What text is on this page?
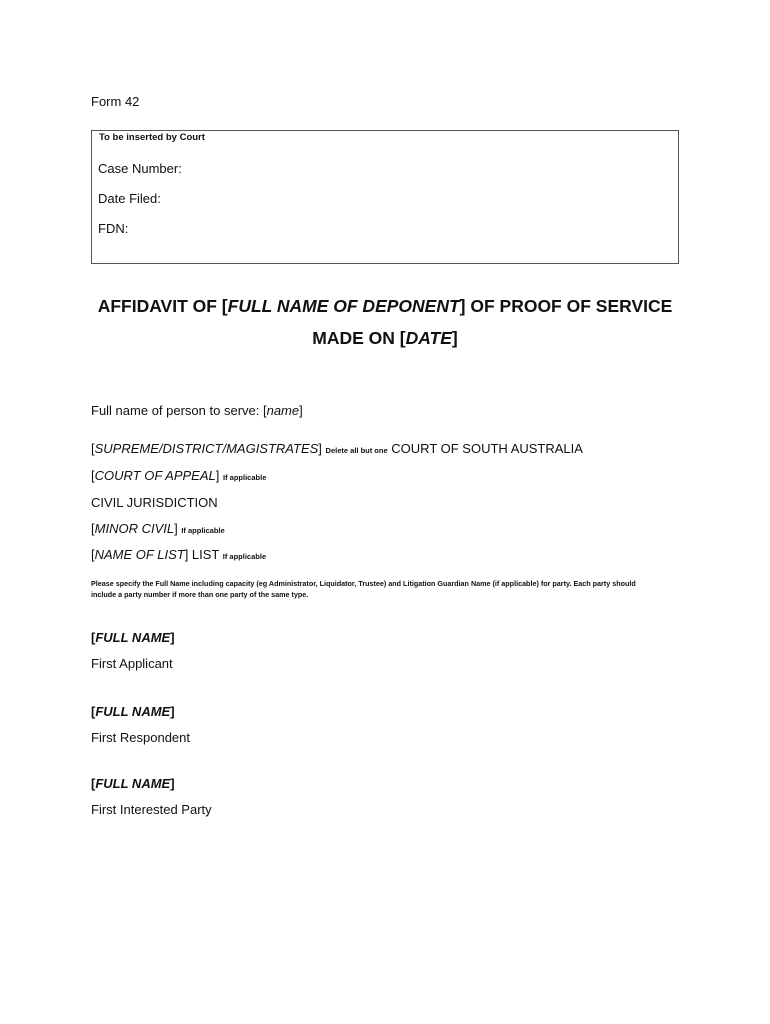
Form 42
To be inserted by Court
Case Number:
Date Filed:
FDN:
AFFIDAVIT OF [FULL NAME OF DEPONENT] OF PROOF OF SERVICE
MADE ON [DATE]
Full name of person to serve: [name]
[SUPREME/DISTRICT/MAGISTRATES] Delete all but one COURT OF SOUTH AUSTRALIA
[COURT OF APPEAL] If applicable
CIVIL JURISDICTION
[MINOR CIVIL] If applicable
[NAME OF LIST] LIST If applicable
Please specify the Full Name including capacity (eg Administrator, Liquidator, Trustee) and Litigation Guardian Name (if applicable) for party. Each party should
include a party number if more than one party of the same type.
[FULL NAME]
First Applicant
[FULL NAME]
First Respondent
[FULL NAME]
First Interested Party
